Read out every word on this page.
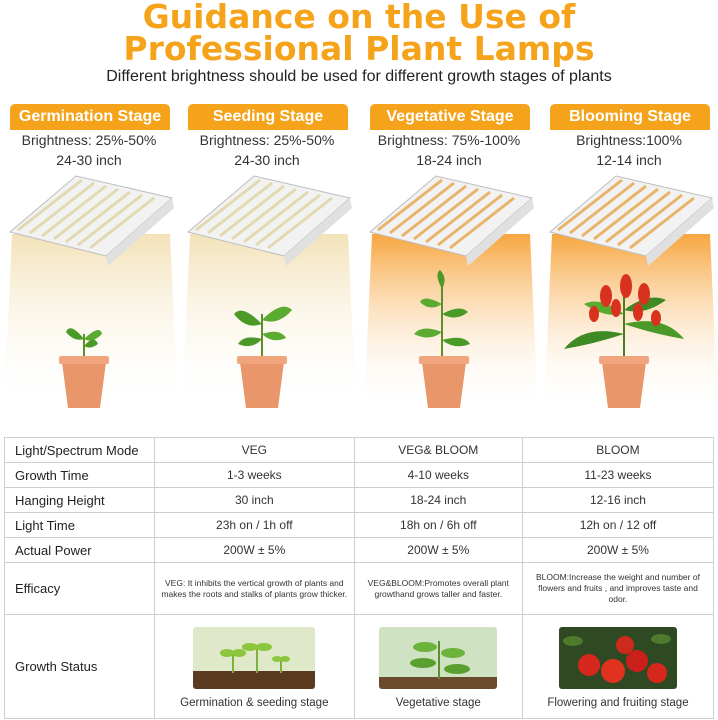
Guidance on the Use of
Professional Plant Lamps
Different brightness should be used for different growth stages of plants
Germination Stage
Brightness: 25%-50%
24-30 inch
Seeding Stage
Brightness: 25%-50%
24-30 inch
Vegetative Stage
Brightness: 75%-100%
18-24 inch
Blooming Stage
Brightness:100%
12-14 inch
Light/Spectrum Mode	VEG	VEG& BLOOM	BLOOM
Growth Time	1-3 weeks	4-10 weeks	11-23 weeks
Hanging Height	30 inch	18-24 inch	12-16 inch
Light Time	23h on / 1h off	18h on / 6h off	12h on / 12 off
Actual Power	200W ± 5%	200W ± 5%	200W ± 5%
Efficacy	VEG: It inhibits the vertical growth of plants and makes the roots and stalks of plants grow thicker.	VEG&BLOOM:Promotes overall plant growthand grows taller and faster.	BLOOM:Increase the weight and number of flowers and fruits , and improves taste and odor.
Growth Status	Germination & seeding stage	Vegetative stage	Flowering and fruiting stage
